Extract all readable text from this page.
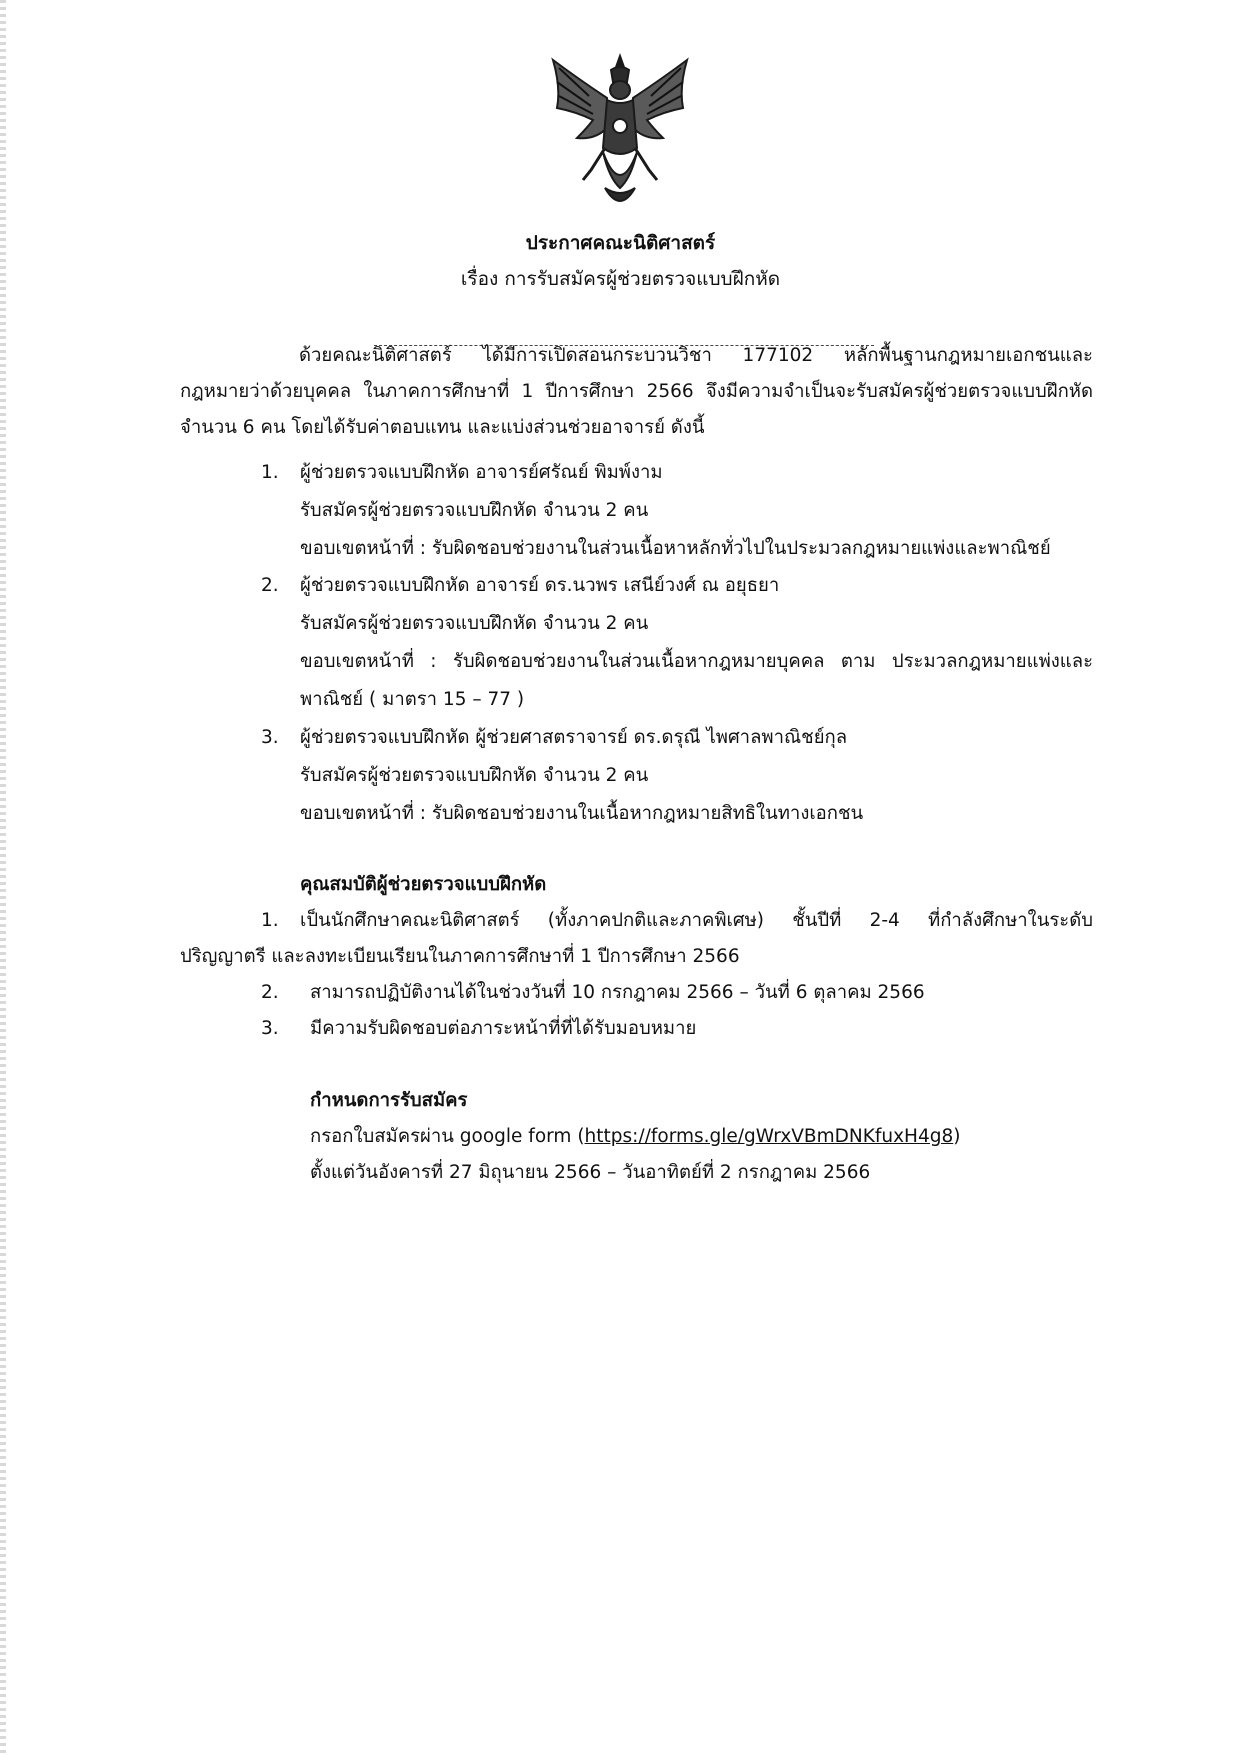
ประกาศคณะนิติศาสตร์
เรื่อง การรับสมัครผู้ช่วยตรวจแบบฝึกหัด
ด้วยคณะนิติศาสตร์ ได้มีการเปิดสอนกระบวนวิชา 177102 หลักพื้นฐานกฎหมายเอกชนและ
กฎหมายว่าด้วยบุคคล ในภาคการศึกษาที่ 1 ปีการศึกษา 2566 จึงมีความจำเป็นจะรับสมัครผู้ช่วยตรวจแบบฝึกหัด
จำนวน 6 คน โดยได้รับค่าตอบแทน และแบ่งส่วนช่วยอาจารย์ ดังนี้
1. ผู้ช่วยตรวจแบบฝึกหัด อาจารย์ศรัณย์ พิมพ์งาม
รับสมัครผู้ช่วยตรวจแบบฝึกหัด จำนวน 2 คน
ขอบเขตหน้าที่ : รับผิดชอบช่วยงานในส่วนเนื้อหาหลักทั่วไปในประมวลกฎหมายแพ่งและพาณิชย์
2. ผู้ช่วยตรวจแบบฝึกหัด อาจารย์ ดร.นวพร เสนีย์วงศ์ ณ อยุธยา
รับสมัครผู้ช่วยตรวจแบบฝึกหัด จำนวน 2 คน
ขอบเขตหน้าที่ : รับผิดชอบช่วยงานในส่วนเนื้อหากฎหมายบุคคล ตาม ประมวลกฎหมายแพ่งและ
พาณิชย์ ( มาตรา 15 – 77 )
3. ผู้ช่วยตรวจแบบฝึกหัด ผู้ช่วยศาสตราจารย์ ดร.ดรุณี ไพศาลพาณิชย์กุล
รับสมัครผู้ช่วยตรวจแบบฝึกหัด จำนวน 2 คน
ขอบเขตหน้าที่ : รับผิดชอบช่วยงานในเนื้อหากฎหมายสิทธิในทางเอกชน
คุณสมบัติผู้ช่วยตรวจแบบฝึกหัด
1. เป็นนักศึกษาคณะนิติศาสตร์ (ทั้งภาคปกติและภาคพิเศษ) ชั้นปีที่ 2-4 ที่กำลังศึกษาในระดับ
ปริญญาตรี และลงทะเบียนเรียนในภาคการศึกษาที่ 1 ปีการศึกษา 2566
2. สามารถปฏิบัติงานได้ในช่วงวันที่ 10 กรกฎาคม 2566 – วันที่ 6 ตุลาคม 2566
3. มีความรับผิดชอบต่อภาระหน้าที่ที่ได้รับมอบหมาย
กำหนดการรับสมัคร
กรอกใบสมัครผ่าน google form (https://forms.gle/gWrxVBmDNKfuxH4g8)
ตั้งแต่วันอังคารที่ 27 มิถุนายน 2566 – วันอาทิตย์ที่ 2 กรกฎาคม 2566
